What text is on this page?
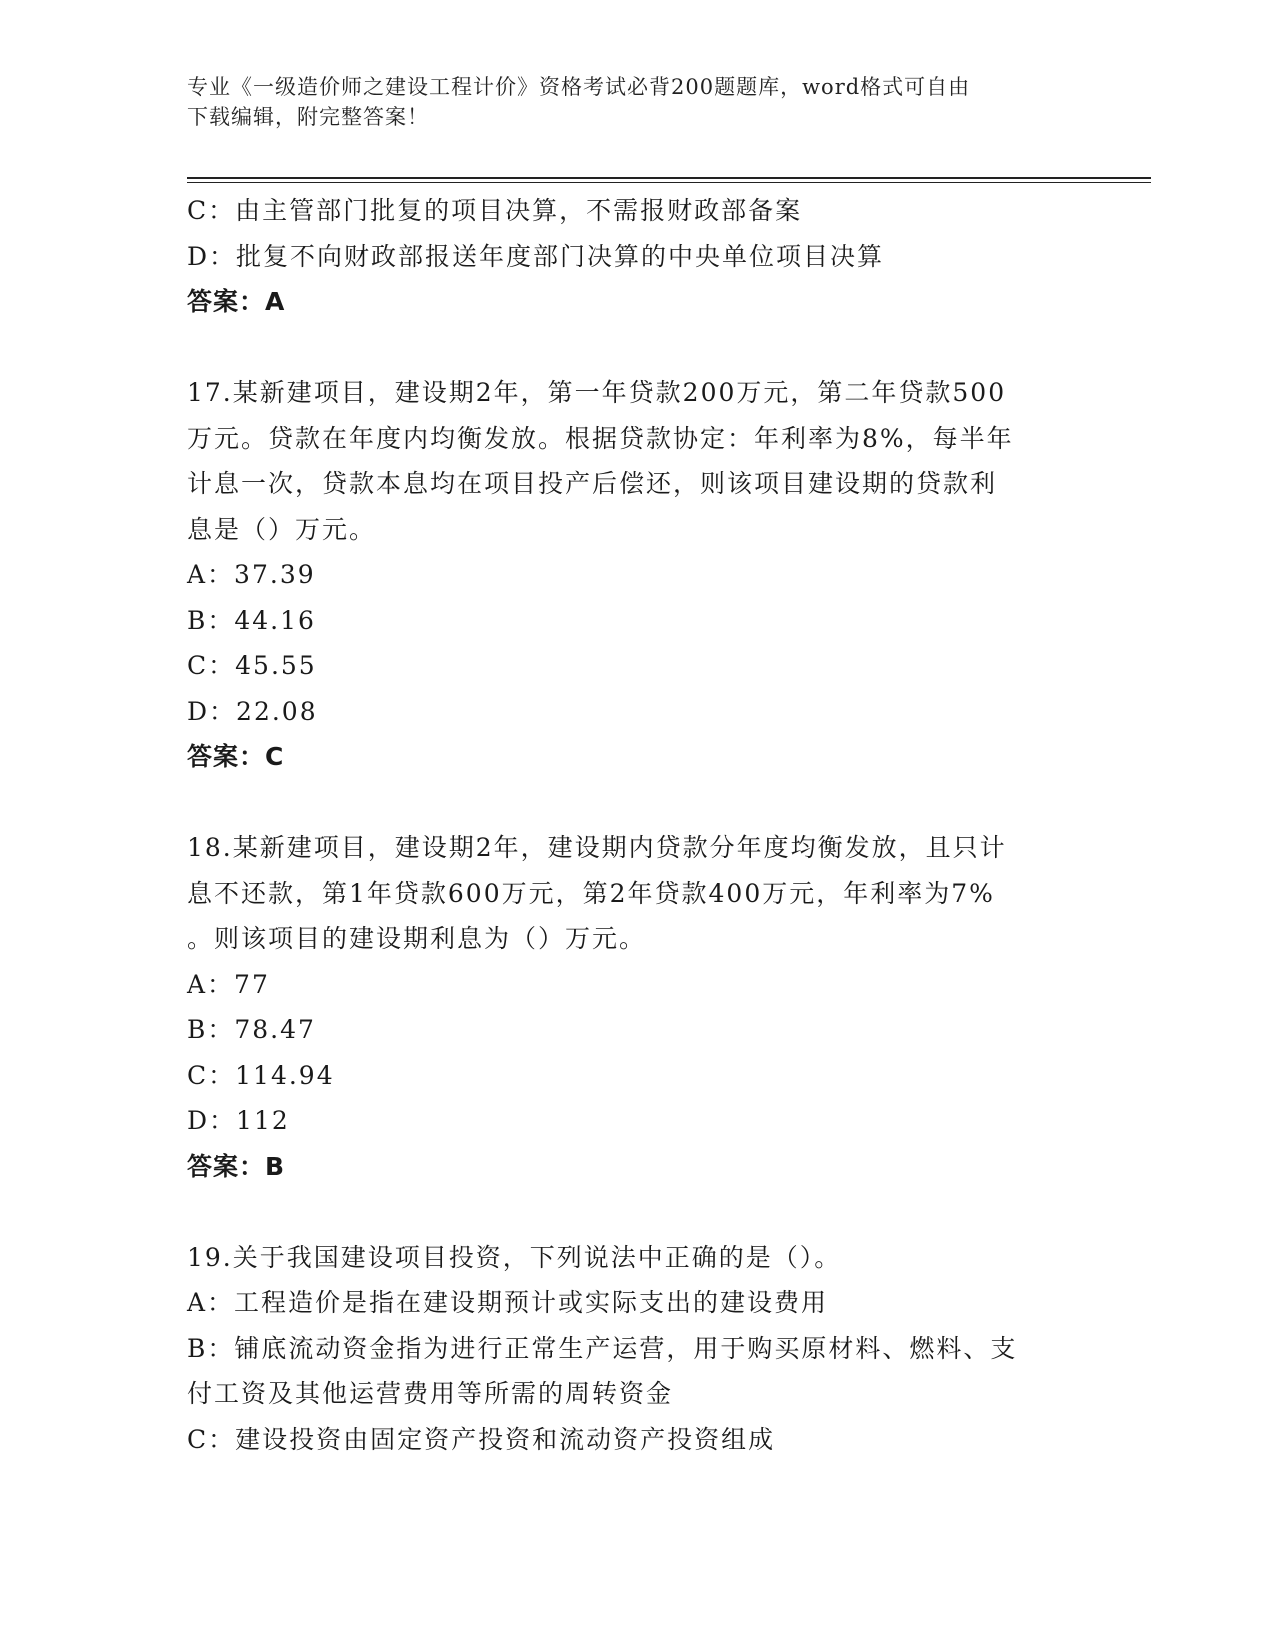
专业《一级造价师之建设工程计价》资格考试必背200题题库，word格式可自由
下载编辑，附完整答案！
C：由主管部门批复的项目决算，不需报财政部备案
D：批复不向财政部报送年度部门决算的中央单位项目决算
答案：A
17.某新建项目，建设期2年，第一年贷款200万元，第二年贷款500
万元。贷款在年度内均衡发放。根据贷款协定：年利率为8%，每半年
计息一次，贷款本息均在项目投产后偿还，则该项目建设期的贷款利
息是（）万元。
A：37.39
B：44.16
C：45.55
D：22.08
答案：C
18.某新建项目，建设期2年，建设期内贷款分年度均衡发放，且只计
息不还款，第1年贷款600万元，第2年贷款400万元，年利率为7%
。则该项目的建设期利息为（）万元。
A：77
B：78.47
C：114.94
D：112
答案：B
19.关于我国建设项目投资，下列说法中正确的是（）。
A：工程造价是指在建设期预计或实际支出的建设费用
B：铺底流动资金指为进行正常生产运营，用于购买原材料、燃料、支
付工资及其他运营费用等所需的周转资金
C：建设投资由固定资产投资和流动资产投资组成
